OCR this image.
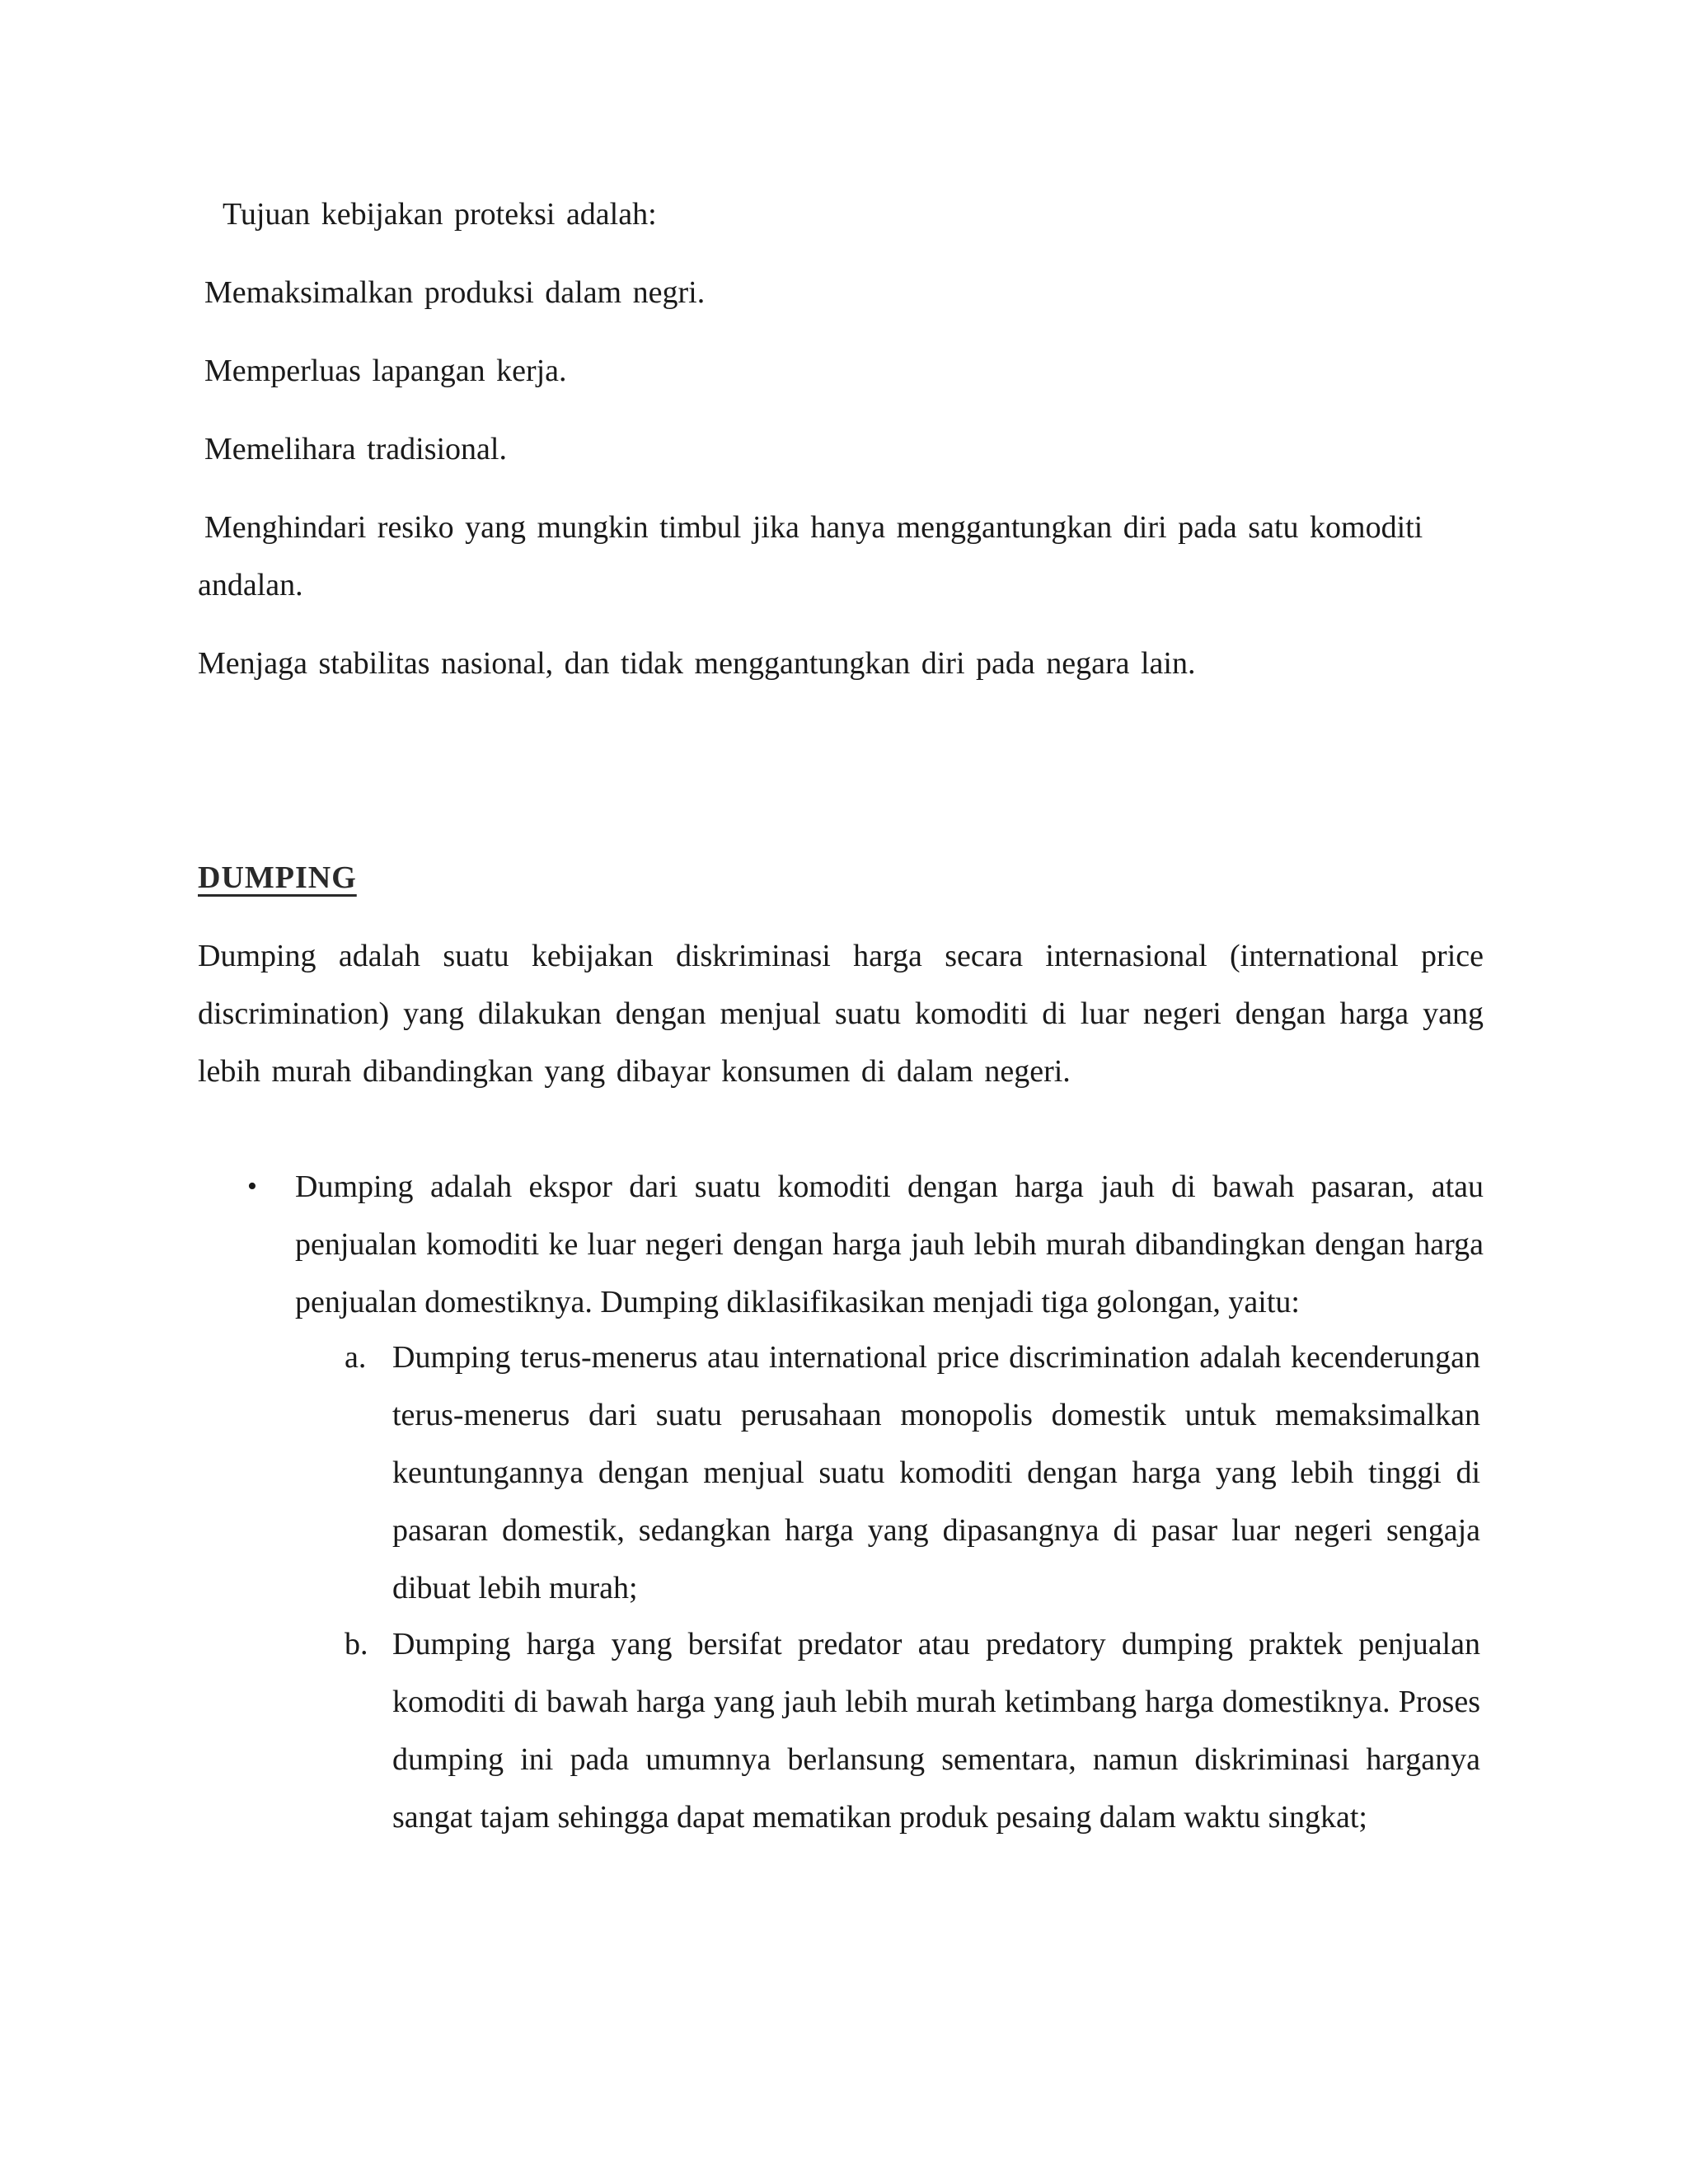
Tujuan kebijakan proteksi adalah:
Memaksimalkan produksi dalam negri.
Memperluas lapangan kerja.
Memelihara tradisional.
Menghindari resiko yang mungkin timbul jika hanya menggantungkan diri pada satu komoditi
andalan.
Menjaga stabilitas nasional, dan tidak menggantungkan diri pada negara lain.
DUMPING
Dumping adalah suatu kebijakan diskriminasi harga secara internasional (international price discrimination) yang dilakukan dengan menjual suatu komoditi di luar negeri dengan harga yang lebih murah dibandingkan yang dibayar konsumen di dalam negeri.
• Dumping adalah ekspor dari suatu komoditi dengan harga jauh di bawah pasaran, atau penjualan komoditi ke luar negeri dengan harga jauh lebih murah dibandingkan dengan harga penjualan domestiknya. Dumping diklasifikasikan menjadi tiga golongan, yaitu:
a. Dumping terus-menerus atau international price discrimination adalah kecenderungan terus-menerus dari suatu perusahaan monopolis domestik untuk memaksimalkan keuntungannya dengan menjual suatu komoditi dengan harga yang lebih tinggi di pasaran domestik, sedangkan harga yang dipasangnya di pasar luar negeri sengaja dibuat lebih murah;
b. Dumping harga yang bersifat predator atau predatory dumping praktek penjualan komoditi di bawah harga yang jauh lebih murah ketimbang harga domestiknya. Proses dumping ini pada umumnya berlansung sementara, namun diskriminasi harganya sangat tajam sehingga dapat mematikan produk pesaing dalam waktu singkat;
